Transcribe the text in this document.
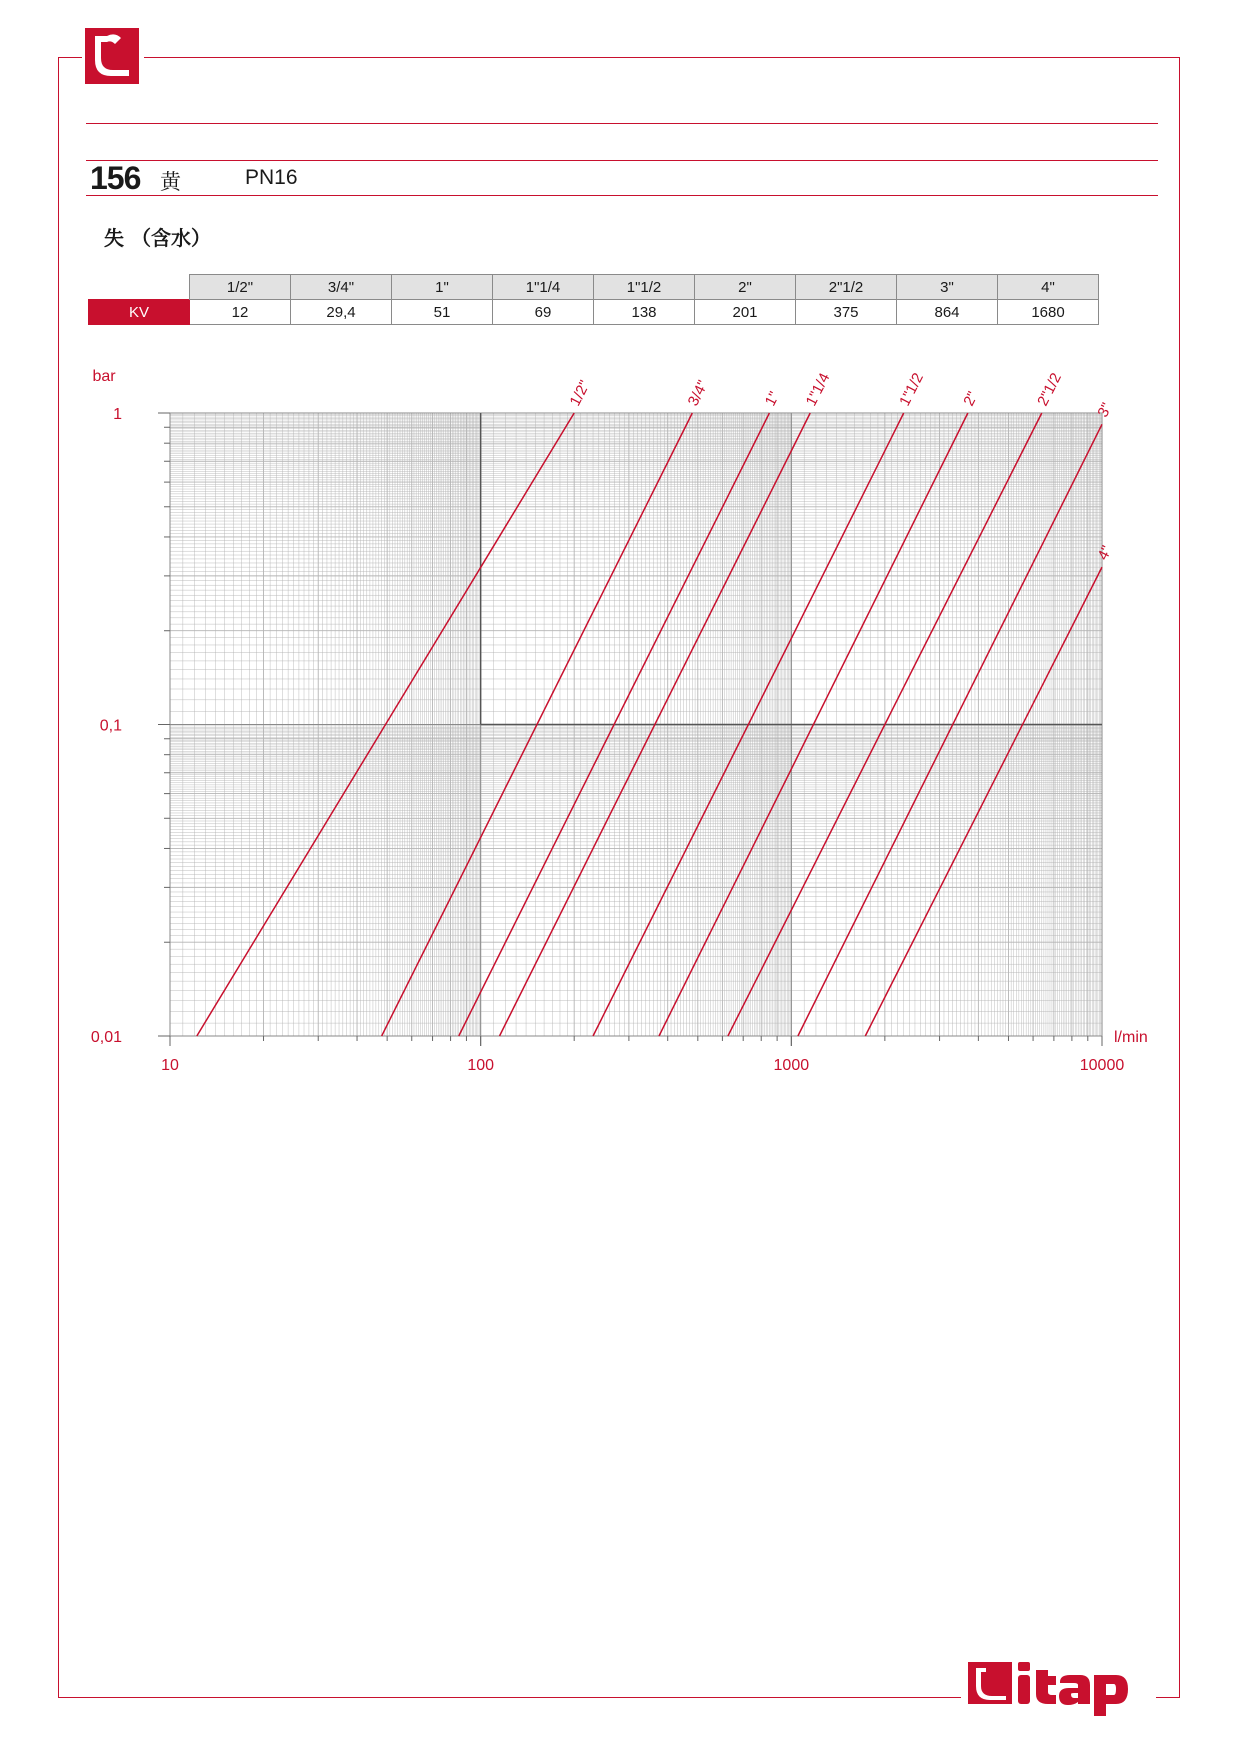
156 黄	PN16
失 （含水）
	1/2"	3/4"	1"	1"1/4	1"1/2	2"	2"1/2	3"	4"
KV	12	29,4	51	69	138	201	375	864	1680
1/2"	3/4"	1" 1"1/4	1"1/2 2"	2"1/2
3"
4"
10	100	1000	10000
0,01
0,1
1
bar
l/min
